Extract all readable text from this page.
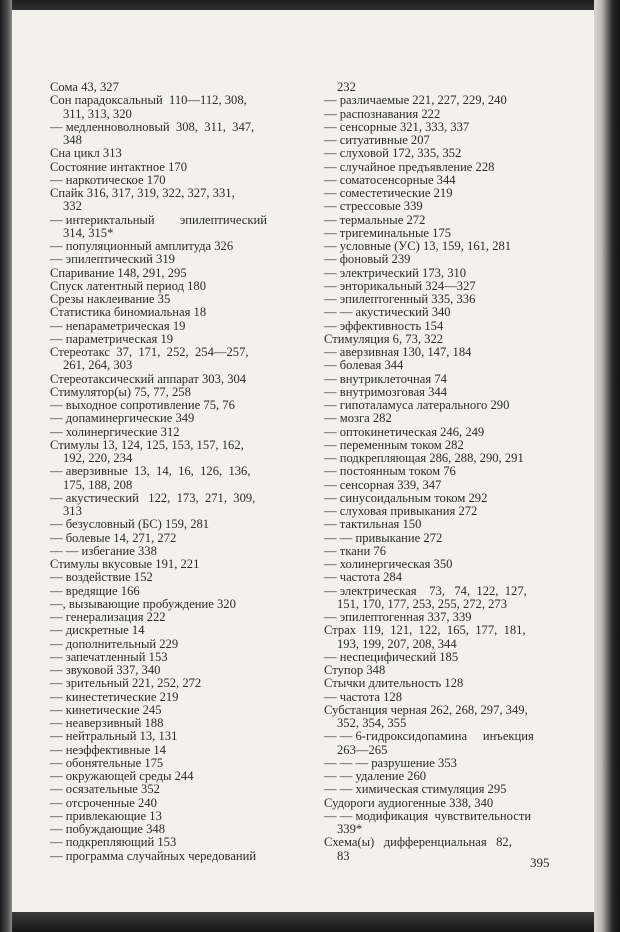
Сома 43, 327
Сон парадоксальный  110—112, 308,
311, 313, 320
— медленноволновый  308,  311,  347,
348
Сна цикл 313
Состояние интактное 170
— наркотическое 170
Спайк 316, 317, 319, 322, 327, 331,
332
— интериктальный        эпилептический
314, 315*
— популяционный амплитуда 326
— эпилептический 319
Спаривание 148, 291, 295
Спуск латентный период 180
Срезы наклеивание 35
Статистика биномиальная 18
— непараметрическая 19
— параметрическая 19
Стереотакс  37,  171,  252,  254—257,
261, 264, 303
Стереотаксический аппарат 303, 304
Стимулятор(ы) 75, 77, 258
— выходное сопротивление 75, 76
— допаминергические 349
— холинергические 312
Стимулы 13, 124, 125, 153, 157, 162,
192, 220, 234
— аверзивные  13,  14,  16,  126,  136,
175, 188, 208
— акустический   122,  173,  271,  309,
313
— безусловный (БС) 159, 281
— болевые 14, 271, 272
— — избегание 338
Стимулы вкусовые 191, 221
— воздействие 152
— вредящие 166
—, вызывающие пробуждение 320
— генерализация 222
— дискретные 14
— дополнительный 229
— запечатленный 153
— звуковой 337, 340
— зрительный 221, 252, 272
— кинестетические 219
— кинетические 245
— неаверзивный 188
— нейтральный 13, 131
— неэффективные 14
— обонятельные 175
— окружающей среды 244
— осязательные 352
— отсроченные 240
— привлекающие 13
— побуждающие 348
— подкрепляющий 153
— программа случайных чередований
232
— различаемые 221, 227, 229, 240
— распознавания 222
— сенсорные 321, 333, 337
— ситуативные 207
— слуховой 172, 335, 352
— случайное предъявление 228
— соматосенсорные 344
— соместетические 219
— стрессовые 339
— термальные 272
— тригеминальные 175
— условные (УС) 13, 159, 161, 281
— фоновый 239
— электрический 173, 310
— энторикальный 324—327
— эпилептогенный 335, 336
— — акустический 340
— эффективность 154
Стимуляция 6, 73, 322
— аверзивная 130, 147, 184
— болевая 344
— внутриклеточная 74
— внутримозговая 344
— гипоталамуса латерального 290
— мозга 282
— оптокинетическая 246, 249
— переменным током 282
— подкрепляющая 286, 288, 290, 291
— постоянным током 76
— сенсорная 339, 347
— синусоидальным током 292
— слуховая привыкания 272
— тактильная 150
— — привыкание 272
— ткани 76
— холинергическая 350
— частота 284
— электрическая    73,   74,  122,  127,
151, 170, 177, 253, 255, 272, 273
— эпилептогенная 337, 339
Страх  119,  121,  122,  165,  177,  181,
193, 199, 207, 208, 344
— неспецифический 185
Ступор 348
Стычки длительность 128
— частота 128
Субстанция черная 262, 268, 297, 349,
352, 354, 355
— — 6-гидроксидопамина     инъекция
263—265
— — — разрушение 353
— — удаление 260
— — химическая стимуляция 295
Судороги аудиогенные 338, 340
— — модификация  чувствительности
339*
Схема(ы)   дифференциальная   82,
83	395
